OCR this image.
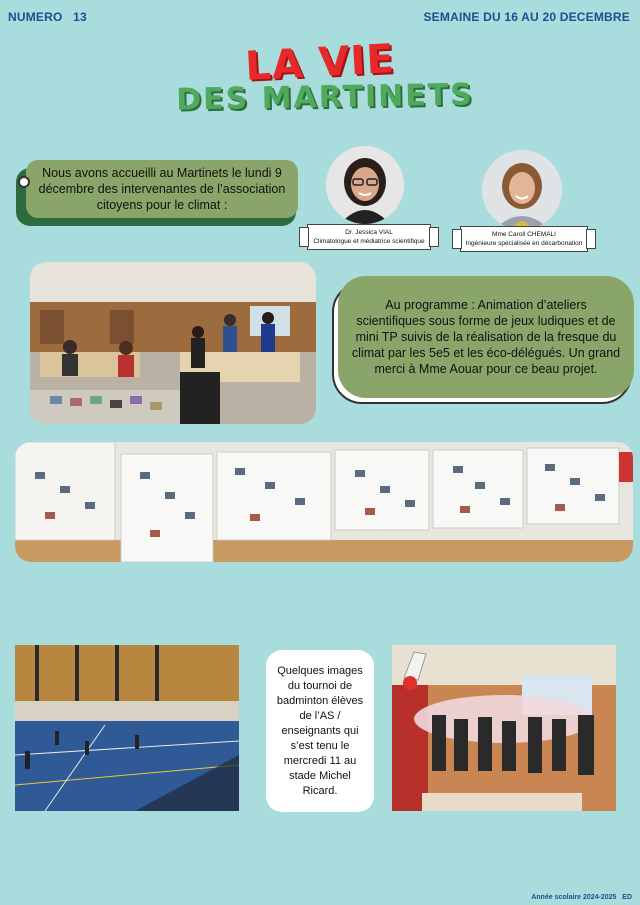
NUMERO   13	SEMAINE DU 16 AU 20 DECEMBRE
LA VIE
DES MARTINETS
Nous avons accueilli au Martinets le lundi 9 décembre des intervenantes de l’association citoyens pour le climat :
Dr. Jessica VIAL
Climatologue et médiatrice scientifique
Mme Caroll CHEMALI
Ingénieure spécialisée en décarbonation
Au programme : Animation d’ateliers scientifiques sous forme de jeux ludiques et de mini TP suivis de la réalisation de la fresque du climat par les 5e5 et les éco-délégués. Un grand merci à Mme Aouar pour ce beau projet.
Quelques images du tournoi de badminton élèves de l’AS / enseignants qui s’est tenu le mercredi 11 au stade Michel Ricard.
Année scolaire 2024-2025   ED
